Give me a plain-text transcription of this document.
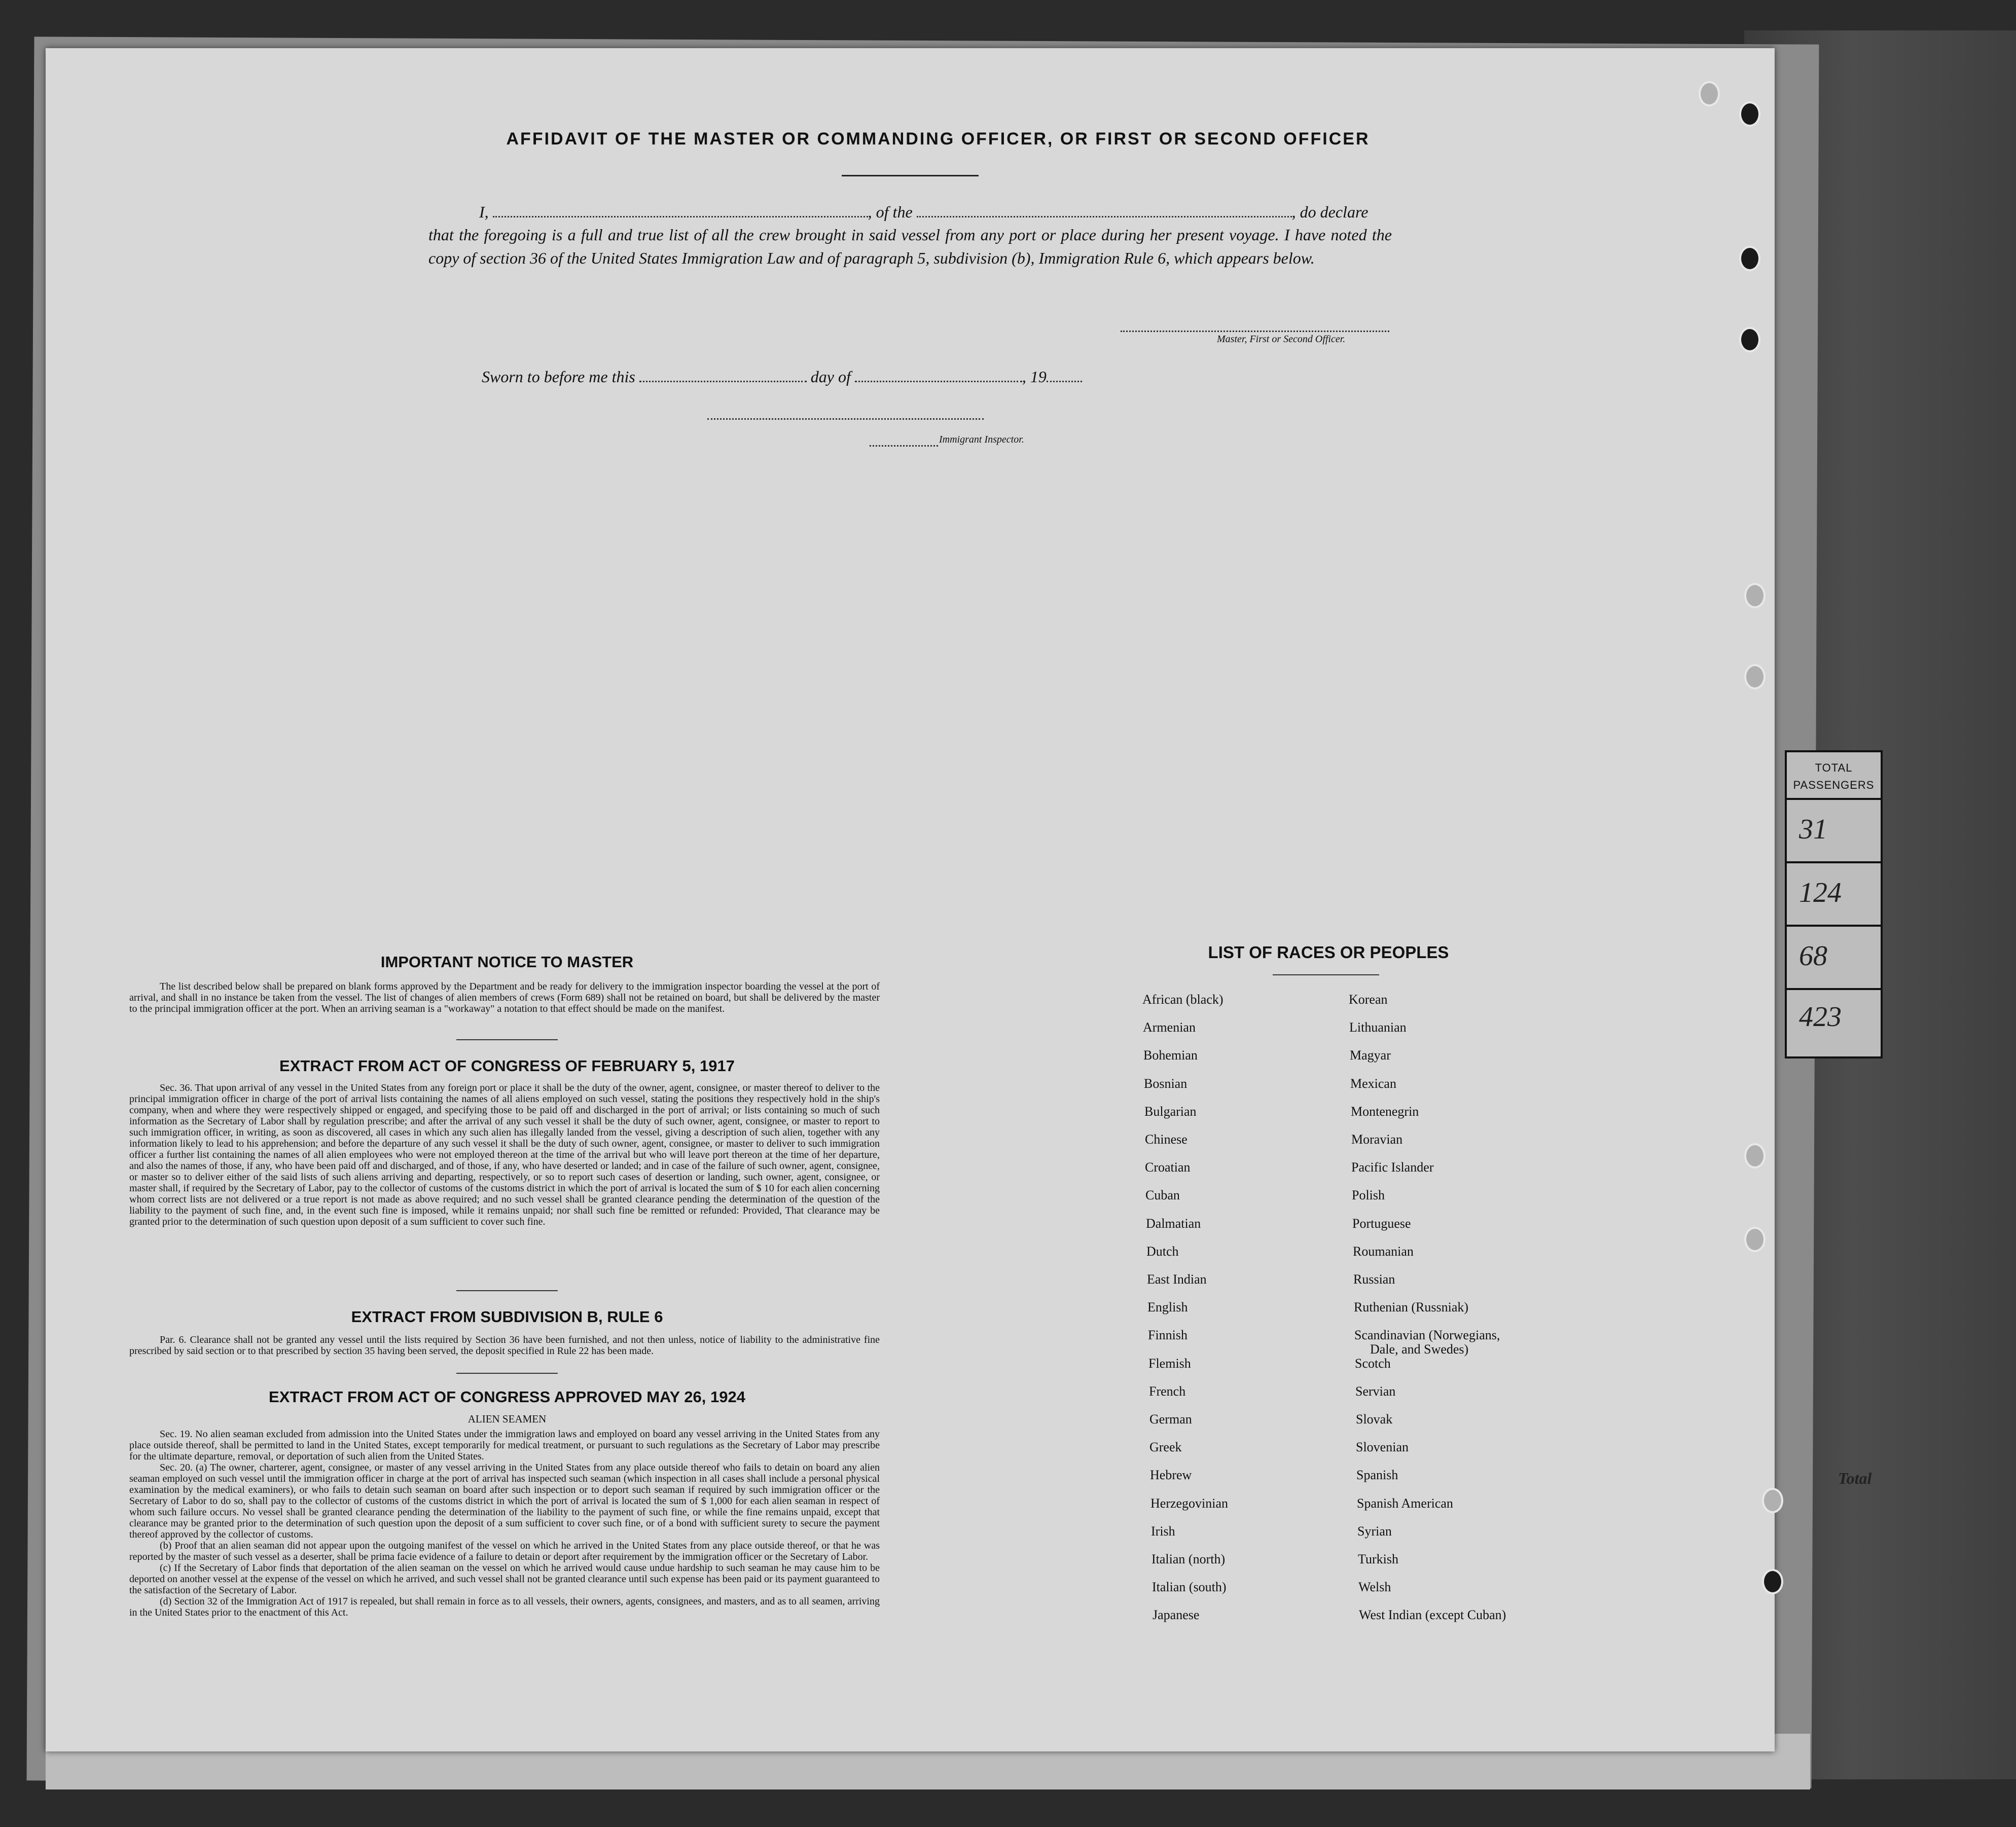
TOTAL
PASSENGERS
31
124
68
423
Total
AFFIDAVIT OF THE MASTER OR COMMANDING OFFICER, OR FIRST OR SECOND OFFICER
I,	, of the	, do declare
that the foregoing is a full and true list of all the crew brought in said vessel from any port or place during her present voyage. I have noted the copy of section 36 of the United States Immigration Law and of paragraph 5, subdivision (b), Immigration Rule 6, which appears below.
Master, First or Second Officer.
Sworn to before me this	day of	, 19
Immigrant Inspector.
IMPORTANT NOTICE TO MASTER
The list described below shall be prepared on blank forms approved by the Department and be ready for delivery to the immigration inspector boarding the vessel at the port of arrival, and shall in no instance be taken from the vessel. The list of changes of alien members of crews (Form 689) shall not be retained on board, but shall be delivered by the master to the principal immigration officer at the port. When an arriving seaman is a "workaway" a notation to that effect should be made on the manifest.
EXTRACT FROM ACT OF CONGRESS OF FEBRUARY 5, 1917
Sec. 36. That upon arrival of any vessel in the United States from any foreign port or place it shall be the duty of the owner, agent, consignee, or master thereof to deliver to the principal immigration officer in charge of the port of arrival lists containing the names of all aliens employed on such vessel, stating the positions they respectively hold in the ship's company, when and where they were respectively shipped or engaged, and specifying those to be paid off and discharged in the port of arrival; or lists containing so much of such information as the Secretary of Labor shall by regulation prescribe; and after the arrival of any such vessel it shall be the duty of such owner, agent, consignee, or master to report to such immigration officer, in writing, as soon as discovered, all cases in which any such alien has illegally landed from the vessel, giving a description of such alien, together with any information likely to lead to his apprehension; and before the departure of any such vessel it shall be the duty of such owner, agent, consignee, or master to deliver to such immigration officer a further list containing the names of all alien employees who were not employed thereon at the time of the arrival but who will leave port thereon at the time of her departure, and also the names of those, if any, who have been paid off and discharged, and of those, if any, who have deserted or landed; and in case of the failure of such owner, agent, consignee, or master so to deliver either of the said lists of such aliens arriving and departing, respectively, or so to report such cases of desertion or landing, such owner, agent, consignee, or master shall, if required by the Secretary of Labor, pay to the collector of customs of the customs district in which the port of arrival is located the sum of $ 10 for each alien concerning whom correct lists are not delivered or a true report is not made as above required; and no such vessel shall be granted clearance pending the determination of the question of the liability to the payment of such fine, and, in the event such fine is imposed, while it remains unpaid; nor shall such fine be remitted or refunded: Provided, That clearance may be granted prior to the determination of such question upon deposit of a sum sufficient to cover such fine.
EXTRACT FROM SUBDIVISION B, RULE 6
Par. 6. Clearance shall not be granted any vessel until the lists required by Section 36 have been furnished, and not then unless, notice of liability to the administrative fine prescribed by said section or to that prescribed by section 35 having been served, the deposit specified in Rule 22 has been made.
EXTRACT FROM ACT OF CONGRESS APPROVED MAY 26, 1924
ALIEN SEAMEN
Sec. 19. No alien seaman excluded from admission into the United States under the immigration laws and employed on board any vessel arriving in the United States from any place outside thereof, shall be permitted to land in the United States, except temporarily for medical treatment, or pursuant to such regulations as the Secretary of Labor may prescribe for the ultimate departure, removal, or deportation of such alien from the United States.
Sec. 20. (a) The owner, charterer, agent, consignee, or master of any vessel arriving in the United States from any place outside thereof who fails to detain on board any alien seaman employed on such vessel until the immigration officer in charge at the port of arrival has inspected such seaman (which inspection in all cases shall include a personal physical examination by the medical examiners), or who fails to detain such seaman on board after such inspection or to deport such seaman if required by such immigration officer or the Secretary of Labor to do so, shall pay to the collector of customs of the customs district in which the port of arrival is located the sum of $ 1,000 for each alien seaman in respect of whom such failure occurs. No vessel shall be granted clearance pending the determination of the liability to the payment of such fine, or while the fine remains unpaid, except that clearance may be granted prior to the determination of such question upon the deposit of a sum sufficient to cover such fine, or of a bond with sufficient surety to secure the payment thereof approved by the collector of customs.
(b) Proof that an alien seaman did not appear upon the outgoing manifest of the vessel on which he arrived in the United States from any place outside thereof, or that he was reported by the master of such vessel as a deserter, shall be prima facie evidence of a failure to detain or deport after requirement by the immigration officer or the Secretary of Labor.
(c) If the Secretary of Labor finds that deportation of the alien seaman on the vessel on which he arrived would cause undue hardship to such seaman he may cause him to be deported on another vessel at the expense of the vessel on which he arrived, and such vessel shall not be granted clearance until such expense has been paid or its payment guaranteed to the satisfaction of the Secretary of Labor.
(d) Section 32 of the Immigration Act of 1917 is repealed, but shall remain in force as to all vessels, their owners, agents, consignees, and masters, and as to all seamen, arriving in the United States prior to the enactment of this Act.
LIST OF RACES OR PEOPLES
African (black)
Armenian
Bohemian
Bosnian
Bulgarian
Chinese
Croatian
Cuban
Dalmatian
Dutch
East Indian
English
Finnish
Flemish
French
German
Greek
Hebrew
Herzegovinian
Irish
Italian (north)
Italian (south)
Japanese
Korean
Lithuanian
Magyar
Mexican
Montenegrin
Moravian
Pacific Islander
Polish
Portuguese
Roumanian
Russian
Ruthenian (Russniak)
Scandinavian (Norwegians,
Dale, and Swedes)
Scotch
Servian
Slovak
Slovenian
Spanish
Spanish American
Syrian
Turkish
Welsh
West Indian (except Cuban)
